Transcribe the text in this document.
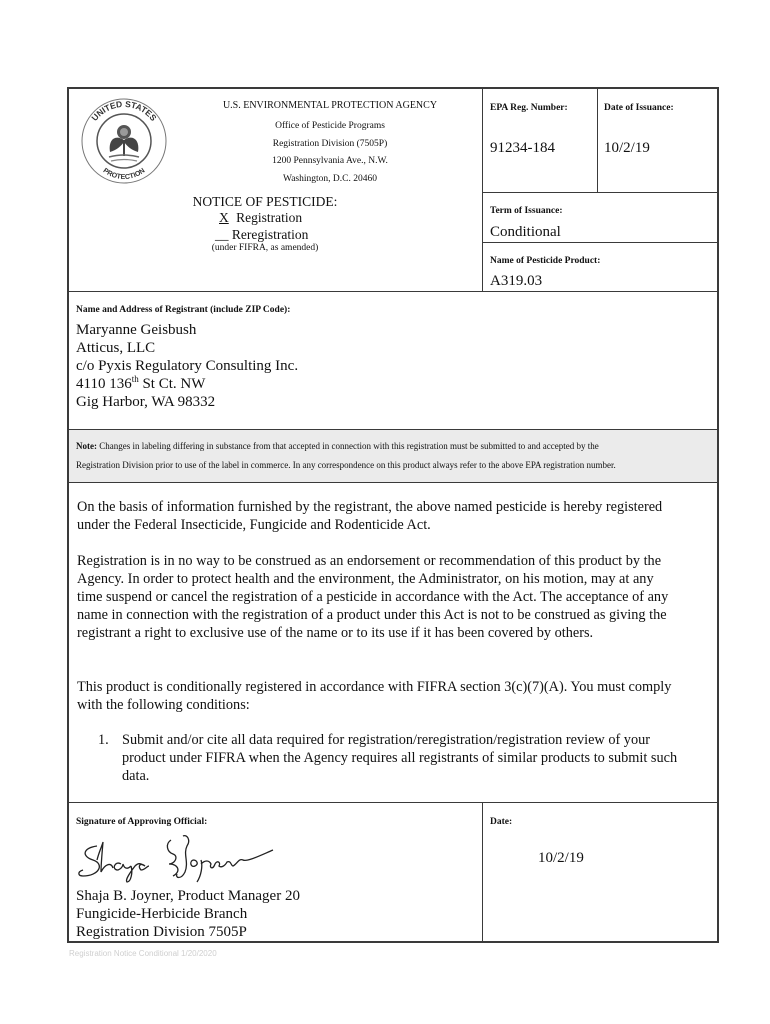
UNITED STATES
PROTECTION
U.S. ENVIRONMENTAL PROTECTION AGENCY
Office of Pesticide Programs
Registration Division (7505P)
1200 Pennsylvania Ave., N.W.
Washington, D.C. 20460
NOTICE OF PESTICIDE:
X Registration
__ Reregistration
(under FIFRA, as amended)
EPA Reg. Number:
91234-184
Date of Issuance:
10/2/19
Term of Issuance:
Conditional
Name of Pesticide Product:
A319.03
Name and Address of Registrant (include ZIP Code):
Maryanne Geisbush
Atticus, LLC
c/o Pyxis Regulatory Consulting Inc.
4110 136th St Ct. NW
Gig Harbor, WA 98332
Note: Changes in labeling differing in substance from that accepted in connection with this registration must be submitted to and accepted by the
Registration Division prior to use of the label in commerce. In any correspondence on this product always refer to the above EPA registration number.
On the basis of information furnished by the registrant, the above named pesticide is hereby registered
under the Federal Insecticide, Fungicide and Rodenticide Act.
Registration is in no way to be construed as an endorsement or recommendation of this product by the
Agency. In order to protect health and the environment, the Administrator, on his motion, may at any
time suspend or cancel the registration of a pesticide in accordance with the Act. The acceptance of any
name in connection with the registration of a product under this Act is not to be construed as giving the
registrant a right to exclusive use of the name or to its use if it has been covered by others.
This product is conditionally registered in accordance with FIFRA section 3(c)(7)(A). You must comply
with the following conditions:
1. Submit and/or cite all data required for registration/reregistration/registration review of your
product under FIFRA when the Agency requires all registrants of similar products to submit such
data.
Signature of Approving Official:
Shaja B. Joyner, Product Manager 20
Fungicide-Herbicide Branch
Registration Division 7505P
Date:
10/2/19
Registration Notice Conditional 1/20/2020
